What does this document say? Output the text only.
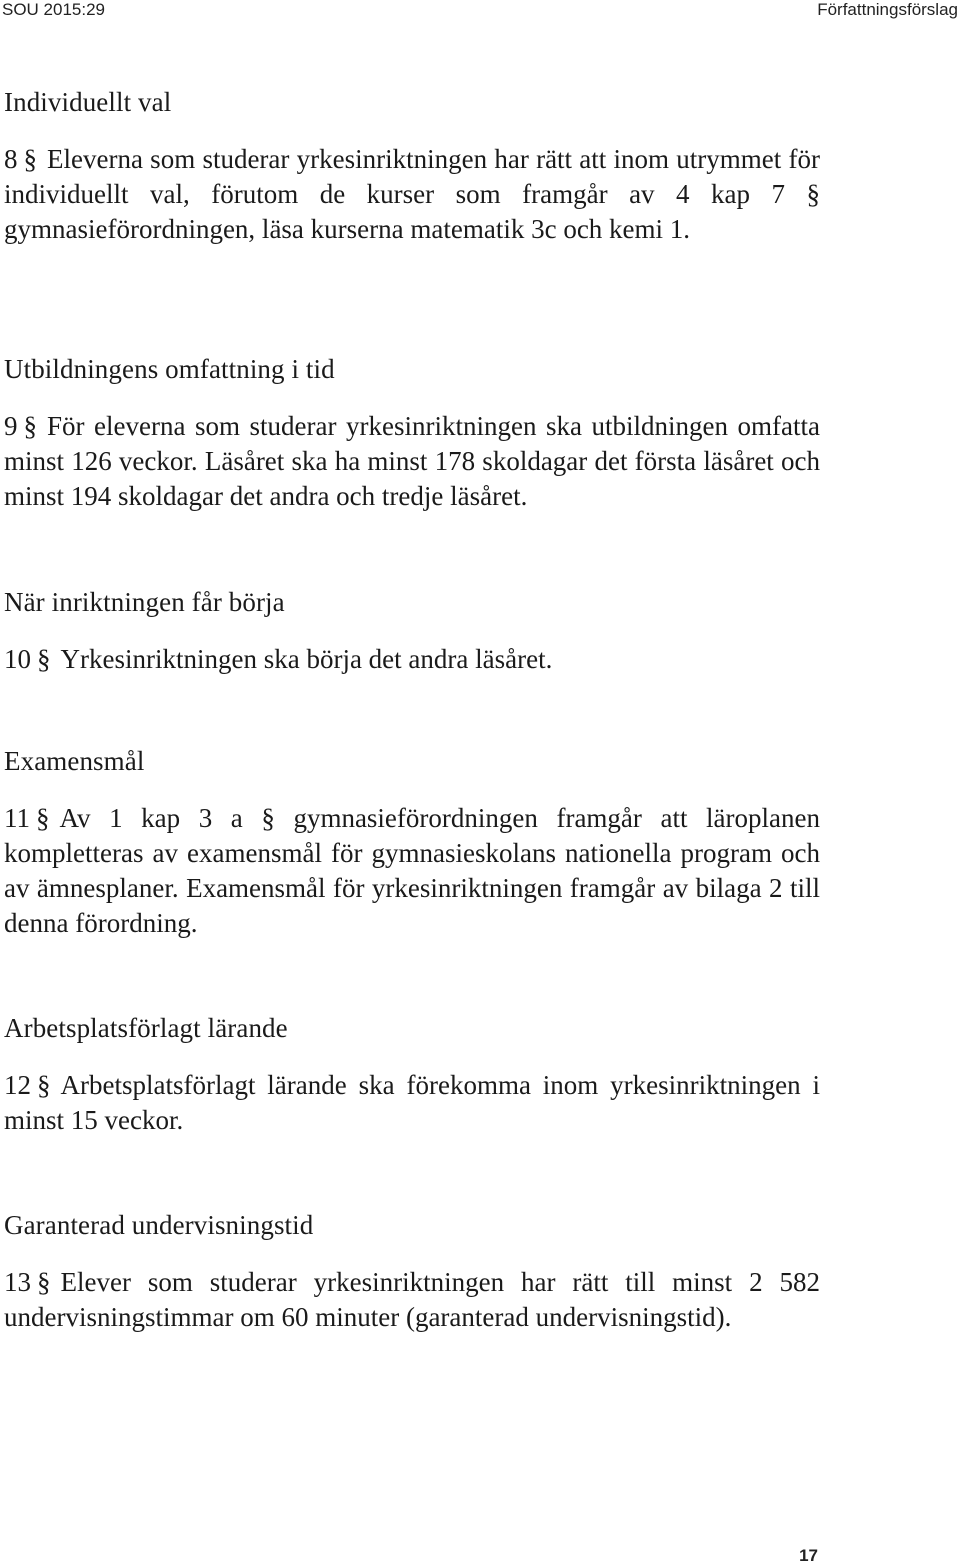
SOU 2015:29	Författningsförslag
Individuellt val

8 § Eleverna som studerar yrkesinriktningen har rätt att inom utrymmet för individuellt val, förutom de kurser som framgår av 4 kap 7 § gymnasieförordningen, läsa kurserna matematik 3c och kemi 1.

Utbildningens omfattning i tid

9 § För eleverna som studerar yrkesinriktningen ska utbildningen omfatta minst 126 veckor. Läsåret ska ha minst 178 skoldagar det första läsåret och minst 194 skoldagar det andra och tredje läsåret.

När inriktningen får börja

10 § Yrkesinriktningen ska börja det andra läsåret.

Examensmål

11 § Av 1 kap 3 a § gymnasieförordningen framgår att läroplanen kompletteras av examensmål för gymnasieskolans nationella program och av ämnesplaner. Examensmål för yrkesinriktningen framgår av bilaga 2 till denna förordning.

Arbetsplatsförlagt lärande

12 § Arbetsplatsförlagt lärande ska förekomma inom yrkesinriktningen i minst 15 veckor.

Garanterad undervisningstid

13 § Elever som studerar yrkesinriktningen har rätt till minst 2 582 undervisningstimmar om 60 minuter (garanterad undervisningstid).

17
